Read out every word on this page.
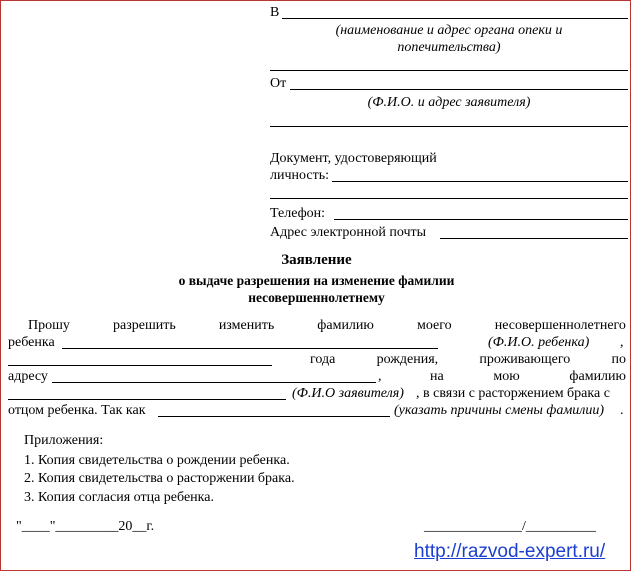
В
(наименование и адрес органа опеки и
попечительства)
От
(Ф.И.О. и адрес заявителя)
Документ, удостоверяющий
личность:
Телефон:
Адрес электронной почты
Заявление
о выдаче разрешения на изменение фамилии
несовершеннолетнему
Прошу	разрешить	изменить	фамилию	моего	несовершеннолетнего
ребенка	(Ф.И.О. ребенка) ,
года	рождения,	проживающего	по
адресу	,	на	мою	фамилию
(Ф.И.О заявителя) , в связи с расторжением брака с
отцом ребенка. Так как	(указать причины смены фамилии) .
Приложения:
1. Копия свидетельства о рождении ребенка.
2. Копия свидетельства о расторжении брака.
3. Копия согласия отца ребенка.
"____"_________20__г.	______________/__________
http://razvod-expert.ru/
